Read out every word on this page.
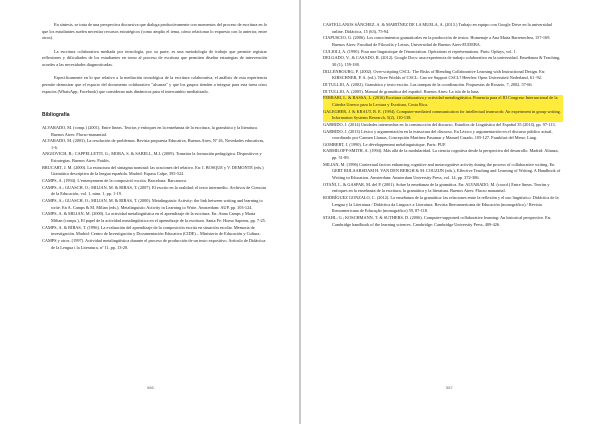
En síntesis, se trata de una perspectiva discursiva que dialoga productivamente con momentos del proceso de escritura en lo que los estudiantes suelen necesitar recursos estratégicos (como amplio el tema, cómo relacionar lo expuesto con lo anterior, entre otros).

La escritura colaborativa mediada por tecnología, por su parte, es una metodología de trabajo que permite registrar reflexiones y dificultades de los estudiantes en torno al proceso de escritura que permiten diseñar estrategias de intervención acordes a las necesidades diagnosticadas.

Especificamente en lo que relativo a la mediación tecnológica de la escritura colaborativa, el análisis de esta experiencia permite demostrar que el espacio del documento colaborativo "alcanza" y que los grupos tienden a integrar para esta tarea otros espacios (WhatsApp, Facebook) que consideran más dinámicos para el intercambio mediatizado.

Bibliografía

ALVARADO, M. (comp.) (2001). Entre líneas. Teorías y enfoques en la enseñanza de la escritura, la gramática y la literatura. Buenos Aires: Flacso-manantial.

ALVARADO, M. (2003). La resolución de problemas. Revista propuesta Educativa, Buenos Aires, Nº 26, Novedades educativas, 1-6.

ANGIOVICH, B.; CAPPELLETTI, G.; MORA, S. & SABELL, M.J. (2009). Transitar la formación pedagógica. Dispositivos y Estrategias. Buenos Aires: Paidós.

BRUCART, J. M. (2000). La estructura del sintagma nominal: las oraciones del relativo. En: I. BOSQUE y V. DEMONTE (eds.) Gramática descriptiva de la lengua española. Madrid: Espasa Calpe, 395-522.

CAMPS, A. (1994). L'ensenyament de la composició escrita. Barcelona: Barcanova.

CAMPS, A.; GUASCH, O.; MILIAN, M. & RIBAS, T. (2007). El escrito en la oralidad: el texto intermedio. Archivos de Ciencias de la Educación, vol. 1, núm. 1, pp. 1-19.

CAMPS, A.; GUASCH, O.; MILIAN, M. & RIBAS, T. (2000). Metalinguistic Activity: the link between writing and learning to write. En A. Camps & M. Milian (eds.), Metalinguistic Activity in Learning to Write. Amsterdam: AUP, pp. 103-124.

CAMPS, A. & MILIAN, M. (2000). La actividad metalingüística en el aprendizaje de la escritura. En: Anna Camps y Marta Milian (comps.), El papel de la actividad metalingüística en el aprendizaje de la escritura. Santa Fe: Homo Sapiens, pp. 7-25.

CAMPS, A. & RIBAS, T. (1996). La evaluación del aprendizaje de la composición escrita en situación escolar. Memoria de investigación. Madrid: Centro de Investigación y Documentación Educativa (CIDE) – Ministerio de Educación y Cultura.

CAMPS y otros. (1997). Actividad metalingüística durante el proceso de producción de un texto expositivo. Artículo de Didáctica de la Lengua i la Literatura, nº 11, pp. 13-28.

586

CASTELLANOS SÁNCHEZ, A. & MARTÍNEZ DE LA MUELA, A. (2013.) Trabajo en equipo con Google Drive en la universidad online. Didáctica, 15 (63), 75-94.

CIAPUSCIO, G. (2006). Los conocimientos gramaticales en la producción de textos. Homenaje a Ana María Barrenechea, 157-169. Buenos Aires: Facultad de Filosofía y Letras, Universidad de Buenos Aires-EUDEBA.

CULIOLI, A. (1990). Pour une linguistique de l'énonciation. Opérations et représentations. Paris: Ophrys, vol. 1.

DELGADO, V., & CASADO, R. (2012). Google Docs: una experiencia de trabajo colaborativo en la universidad. Enseñanza & Teaching, 30 (1), 159-180.

DILLENBOURG, P. (2002). Over-scripting CSCL: The Risks of Blending Collaborative Learning with Instructional Design. En: KIRSCHNER, P. A. (ed.). Three Worlds of CSCL: Can we Support CSCL? Heerlen: Open Universiteit Nederland, 61 -92.

DI TULLIO, A. (2002). Gramática y texto escrito. Las trampas de la coordinación. Propuestas de Rosario, 7, 2002, 57-66.

DI TULLIO, A. (2005). Manual de gramática del español. Buenos Aires: La isla de la luna.

FERRARI, L. & BASSA, L. (2016) Escritura colaborativa y actividad metalingüística. Ponencia para el III Congreso Internacional de la Cátedra Unesco para la Lectura y Escritura, Costa Rica.

GALEGHER, J. & KRAUT, R. E. (1994). Computer-mediated communication for intellectual teamwork: An experiment in group writing. Information Systems Research, 5(2), 110-138.

GARRIDO, J. (2014) Unidades intermedias en la construcción del discurso. Estudios de Lingüística del Español 35 (2014), pp. 97-113.

GARRIDO, J. (2013) Léxico y argumentación en la estructura del discurso. En Léxico y argumentación en el discurso público actual, coordinado por Carmen Llamas, Concepción Martínez Pasamar y Manuel Casado, 105-127. Frankfurt del Meno: Lang.

GOMBERT, J. (1990). Le développement métalinguistique. Paris: PUF.

KARMILOFF-SMITH, A. (1994). Más allá de la modularidad. La ciencia cognitiva desde la perspectiva del desarrollo. Madrid: Alianza, pp. 51-89.

MILIAN, M. (1996) Contextual factors enhancing cognitive and metacognitive activity during the process of collaborative writing. En GERT RIJLAARSDAM H. VAN DEN BERGH & M. COUZIJN (eds.), Effective Teaching and Learning of Writing. A Handbook of Writing in Education. Amsterdam: Amsterdam University Press, vol. 14, pp. 372-386.

OTAÑI, L. & GASPAR, M. del P. (2001). Sobre la enseñanza de la gramática. En: ALVARADO, M. (coord.) Entre líneas. Teorías y enfoques en la enseñanza de la escritura, la gramática y la literatura. Buenos Aires: Flacso manantial.

RODRÍGUEZ GONZALO, C. (2012). La enseñanza de la gramática: las relaciones entre la reflexión y el uso lingüístico. Didáctica de la Lengua y la Literatura / Didáctica da Lingua e a Literatura. Revista Iberoamericana de Educación (monográfico) / Revista Iberoamericana de Educação (monográfico) 59, 87-118.

STAHL, G.; KOSCHMANN, T. & SUTHERS, D. (2006). Computer-supported collaborative learning: An historical perspective. En: Cambridge handbook of the learning sciences. Cambridge: Cambridge University Press, 409-426.

587
